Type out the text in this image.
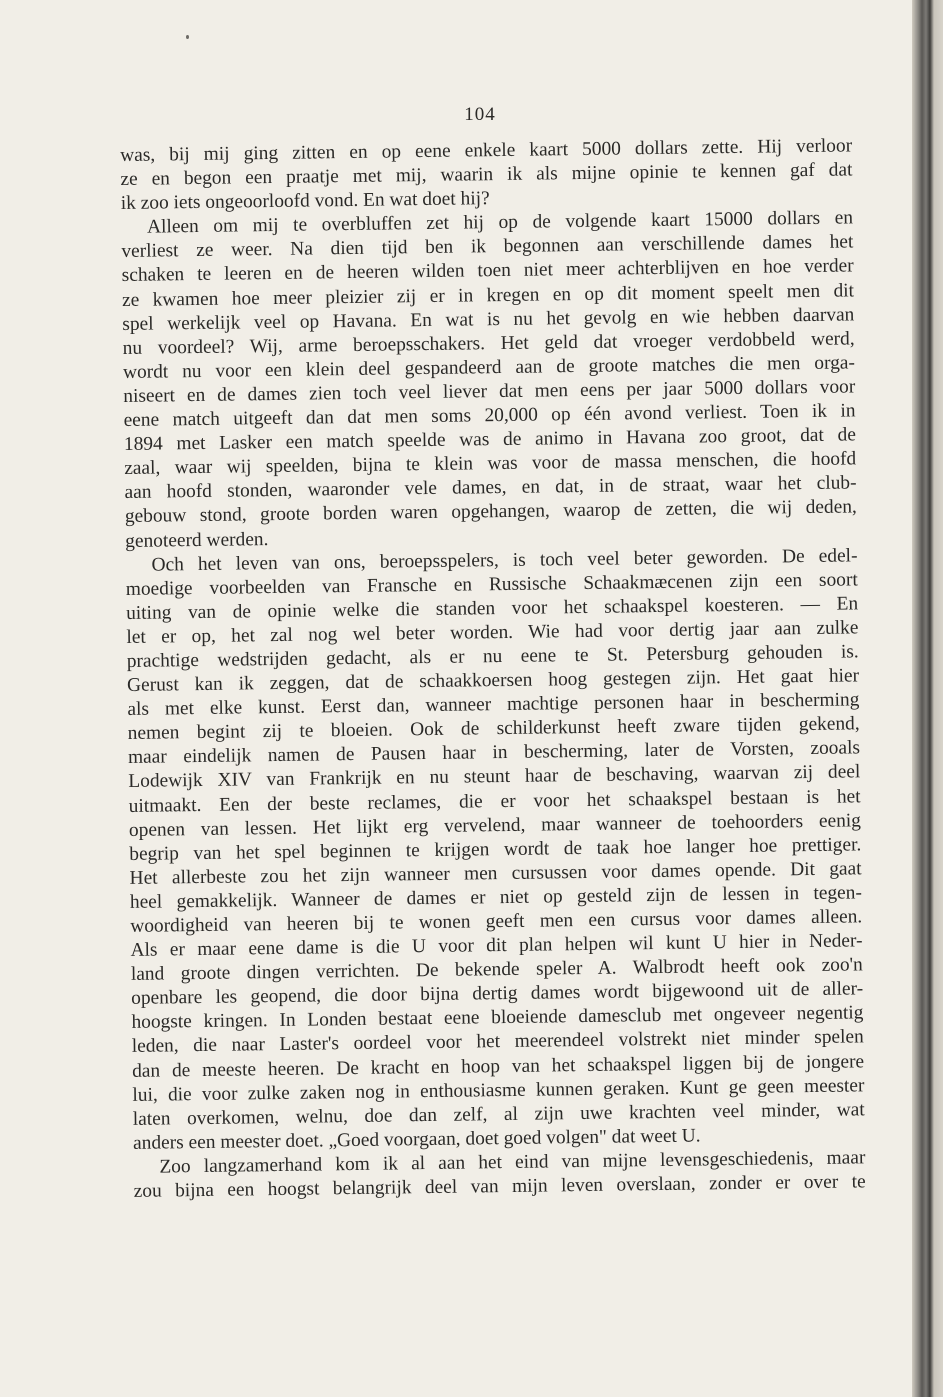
104
was, bij mij ging zitten en op eene enkele kaart 5000 dollars zette. Hij verloor
ze en begon een praatje met mij, waarin ik als mijne opinie te kennen gaf dat
ik zoo iets ongeoorloofd vond. En wat doet hij?
Alleen om mij te overbluffen zet hij op de volgende kaart 15000 dollars en
verliest ze weer. Na dien tijd ben ik begonnen aan verschillende dames het
schaken te leeren en de heeren wilden toen niet meer achterblijven en hoe verder
ze kwamen hoe meer pleizier zij er in kregen en op dit moment speelt men dit
spel werkelijk veel op Havana. En wat is nu het gevolg en wie hebben daarvan
nu voordeel? Wij, arme beroepsschakers. Het geld dat vroeger verdobbeld werd,
wordt nu voor een klein deel gespandeerd aan de groote matches die men orga-
niseert en de dames zien toch veel liever dat men eens per jaar 5000 dollars voor
eene match uitgeeft dan dat men soms 20,000 op één avond verliest. Toen ik in
1894 met Lasker een match speelde was de animo in Havana zoo groot, dat de
zaal, waar wij speelden, bijna te klein was voor de massa menschen, die hoofd
aan hoofd stonden, waaronder vele dames, en dat, in de straat, waar het club-
gebouw stond, groote borden waren opgehangen, waarop de zetten, die wij deden,
genoteerd werden.
Och het leven van ons, beroepsspelers, is toch veel beter geworden. De edel-
moedige voorbeelden van Fransche en Russische Schaakmæcenen zijn een soort
uiting van de opinie welke die standen voor het schaakspel koesteren. — En
let er op, het zal nog wel beter worden. Wie had voor dertig jaar aan zulke
prachtige wedstrijden gedacht, als er nu eene te St. Petersburg gehouden is.
Gerust kan ik zeggen, dat de schaakkoersen hoog gestegen zijn. Het gaat hier
als met elke kunst. Eerst dan, wanneer machtige personen haar in bescherming
nemen begint zij te bloeien. Ook de schilderkunst heeft zware tijden gekend,
maar eindelijk namen de Pausen haar in bescherming, later de Vorsten, zooals
Lodewijk XIV van Frankrijk en nu steunt haar de beschaving, waarvan zij deel
uitmaakt. Een der beste reclames, die er voor het schaakspel bestaan is het
openen van lessen. Het lijkt erg vervelend, maar wanneer de toehoorders eenig
begrip van het spel beginnen te krijgen wordt de taak hoe langer hoe prettiger.
Het allerbeste zou het zijn wanneer men cursussen voor dames opende. Dit gaat
heel gemakkelijk. Wanneer de dames er niet op gesteld zijn de lessen in tegen-
woordigheid van heeren bij te wonen geeft men een cursus voor dames alleen.
Als er maar eene dame is die U voor dit plan helpen wil kunt U hier in Neder-
land groote dingen verrichten. De bekende speler A. Walbrodt heeft ook zoo'n
openbare les geopend, die door bijna dertig dames wordt bijgewoond uit de aller-
hoogste kringen. In Londen bestaat eene bloeiende damesclub met ongeveer negentig
leden, die naar Laster's oordeel voor het meerendeel volstrekt niet minder spelen
dan de meeste heeren. De kracht en hoop van het schaakspel liggen bij de jongere
lui, die voor zulke zaken nog in enthousiasme kunnen geraken. Kunt ge geen meester
laten overkomen, welnu, doe dan zelf, al zijn uwe krachten veel minder, wat
anders een meester doet. „Goed voorgaan, doet goed volgen" dat weet U.
Zoo langzamerhand kom ik al aan het eind van mijne levensgeschiedenis, maar
zou bijna een hoogst belangrijk deel van mijn leven overslaan, zonder er over te
